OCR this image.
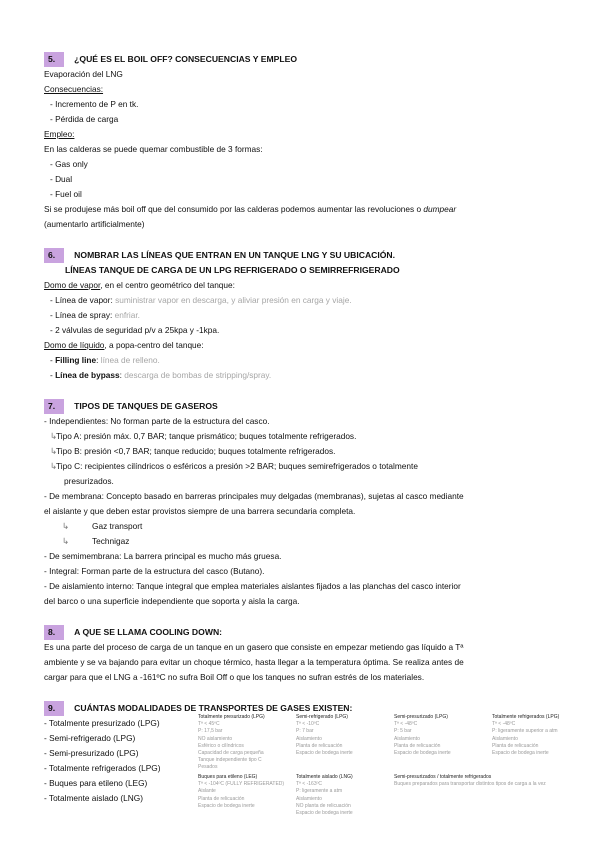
5.	¿QUÉ ES EL BOIL OFF? CONSECUENCIAS Y EMPLEO
Evaporación del LNG
Consecuencias:
- Incremento de P en tk.
- Pérdida de carga
Empleo:
En las calderas se puede quemar combustible de 3 formas:
- Gas only
- Dual
- Fuel oil
Si se produjese más boil off que del consumido por las calderas podemos aumentar las revoluciones o dumpear
(aumentarlo artificialmente)
6.	NOMBRAR LAS LÍNEAS QUE ENTRAN EN UN TANQUE LNG Y SU UBICACIÓN.
LÍNEAS TANQUE DE CARGA DE UN LPG REFRIGERADO O SEMIRREFRIGERADO
Domo de vapor, en el centro geométrico del tanque:
- Línea de vapor: suministrar vapor en descarga, y aliviar presión en carga y viaje.
- Línea de spray: enfriar.
- 2 válvulas de seguridad p/v a 25kpa y -1kpa.
Domo de líquido, a popa-centro del tanque:
- Filling line: línea de relleno.
- Línea de bypass: descarga de bombas de stripping/spray.
7.	TIPOS DE TANQUES DE GASEROS
- Independientes: No forman parte de la estructura del casco.
↳Tipo A: presión máx. 0,7 BAR; tanque prismático; buques totalmente refrigerados.
↳Tipo B: presión <0,7 BAR; tanque reducido; buques totalmente refrigerados.
↳Tipo C: recipientes cilíndricos o esféricos a presión >2 BAR; buques semirefrigerados o totalmente
presurizados.
- De membrana: Concepto basado en barreras principales muy delgadas (membranas), sujetas al casco mediante
el aislante y que deben estar provistos siempre de una barrera secundaria completa.
↳	Gaz transport
↳	Technigaz
- De semimembrana: La barrera principal es mucho más gruesa.
- Integral: Forman parte de la estructura del casco (Butano).
- De aislamiento interno: Tanque integral que emplea materiales aislantes fijados a las planchas del casco interior
del barco o una superficie independiente que soporta y aisla la carga.
8.	A QUE SE LLAMA COOLING DOWN:
Es una parte del proceso de carga de un tanque en un gasero que consiste en empezar metiendo gas líquido a Tª
ambiente y se va bajando para evitar un choque térmico, hasta llegar a la temperatura óptima. Se realiza antes de
cargar para que el LNG a -161ºC no sufra Boil Off o que los tanques no sufran estrés de los materiales.
9.	CUÁNTAS MODALIDADES DE TRANSPORTES DE GASES EXISTEN:
- Totalmente presurizado (LPG)
- Semi-refrigerado (LPG)
- Semi-presurizado (LPG)
- Totalmente refrigerados (LPG)
- Buques para etileno (LEG)
- Totalmente aislado (LNG)
Totalmente presurizado (LPG)
Tª < 45ºC
P: 17,5 bar
NO aislamiento
Esférico o cilíndricos
Capacidad de carga pequeña
Tanque independiente tipo C
Pesados
Semi-refrigerado (LPG)
Tª < -10ºC
P: 7 bar
Aislamiento
Planta de relicuación
Espacio de bodega inerte
Semi-presurizado (LPG)
Tª < -48ºC
P: 5 bar
Aislamiento
Planta de relicuación
Espacio de bodega inerte
Totalmente refrigerados (LPG)
Tª < -48ºC
P: ligeramente superior a atm
Aislamiento
Planta de relicuación
Espacio de bodega inerte
Buques para etileno (LEG)
Tª < -104ºC (FULLY REFRIGERATED)
Aislante
Planta de relicuación
Espacio de bodega inerte
Totalmente aislado (LNG)
Tª < -163ºC
P: ligeramente a atm
Aislamiento
NO planta de relicuación
Espacio de bodega inerte
Semi-presurizados / totalmente refrigerados
Buques preparados para transportar distintos tipos de carga a la vez
